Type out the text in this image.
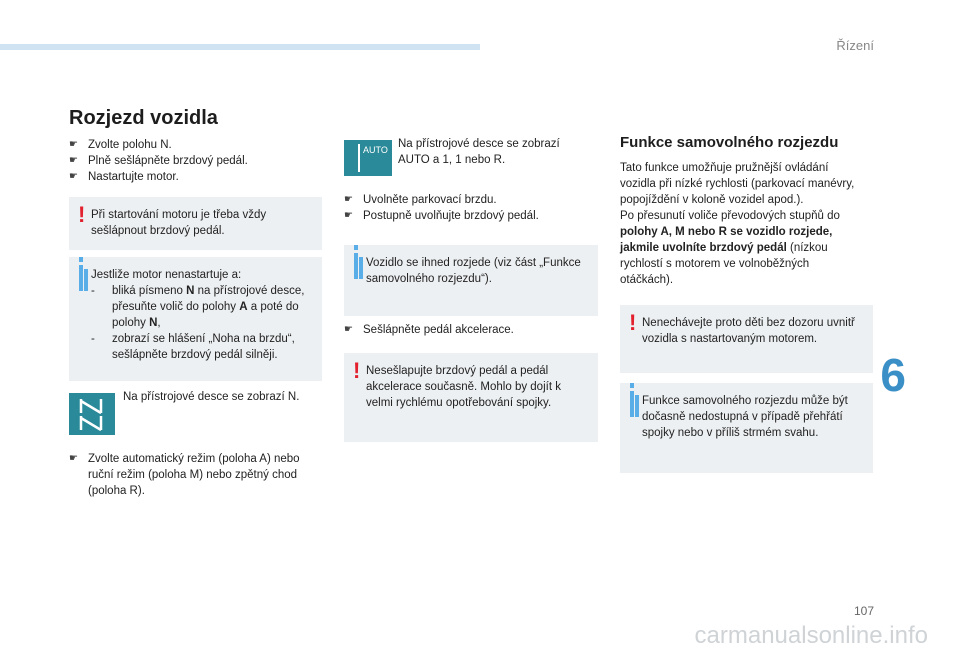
Řízení
6
107
Rozjezd vozidla
☛ Zvolte polohu N.
☛ Plně sešlápněte brzdový pedál.
☛ Nastartujte motor.
! Při startování motoru je třeba vždy
sešlápnout brzdový pedál.
Jestliže motor nenastartuje a:
- bliká písmeno N na přístrojové desce,
přesuňte volič do polohy A a poté do
polohy N,
- zobrazí se hlášení „Noha na brzdu“,
sešlápněte brzdový pedál silněji.
Na přístrojové desce se zobrazí N.
☛ Zvolte automatický režim (poloha A) nebo
ruční režim (poloha M) nebo zpětný chod
(poloha R).
AUTO Na přístrojové desce se zobrazí
AUTO a 1, 1 nebo R.
☛ Uvolněte parkovací brzdu.
☛ Postupně uvolňujte brzdový pedál.
Vozidlo se ihned rozjede (viz část „Funkce
samovolného rozjezdu“).
☛ Sešlápněte pedál akcelerace.
! Nesešlapujte brzdový pedál a pedál
akcelerace současně. Mohlo by dojít k
velmi rychlému opotřebování spojky.
Funkce samovolného rozjezdu
Tato funkce umožňuje pružnější ovládání
vozidla při nízké rychlosti (parkovací manévry,
popojíždění v koloně vozidel apod.).
Po přesunutí voliče převodových stupňů do
polohy A, M nebo R se vozidlo rozjede,
jakmile uvolníte brzdový pedál (nízkou
rychlostí s motorem ve volnoběžných
otáčkách).
! Nenechávejte proto děti bez dozoru uvnitř
vozidla s nastartovaným motorem.
Funkce samovolného rozjezdu může být
dočasně nedostupná v případě přehřátí
spojky nebo v příliš strmém svahu.
carmanualsonline.info
